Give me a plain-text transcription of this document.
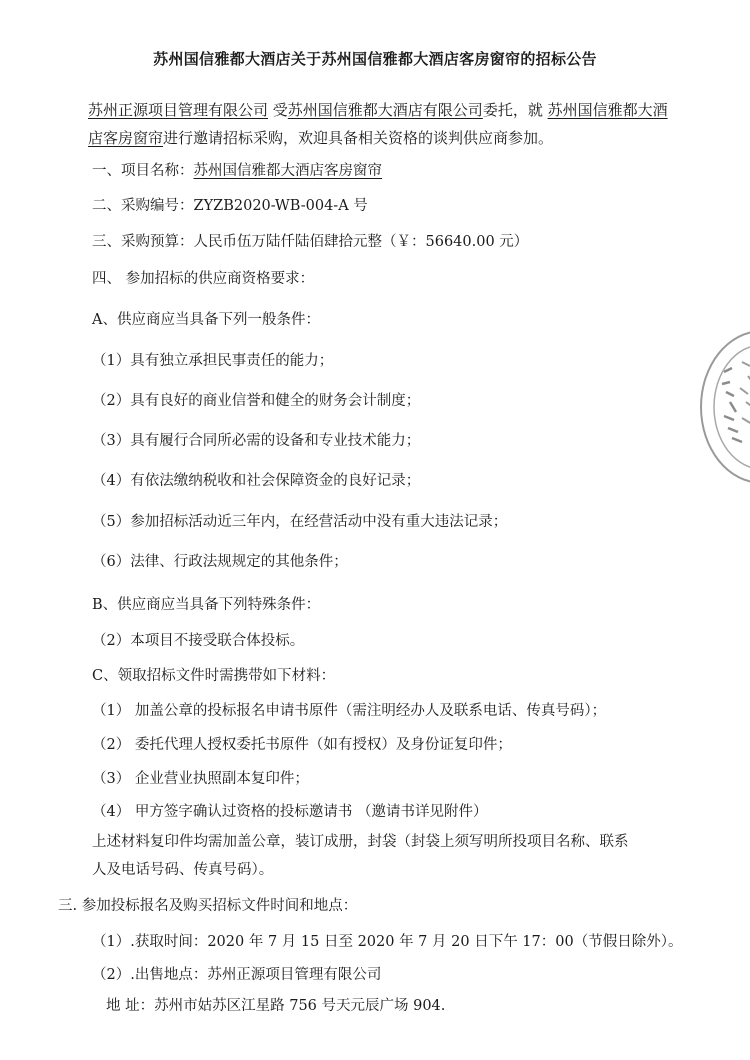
苏州国信雅都大酒店关于苏州国信雅都大酒店客房窗帘的招标公告
苏州正源项目管理有限公司 受苏州国信雅都大酒店有限公司委托，就 苏州国信雅都大酒店客房窗帘进行邀请招标采购，欢迎具备相关资格的谈判供应商参加。
一、项目名称：苏州国信雅都大酒店客房窗帘
二、采购编号：ZYZB2020-WB-004-A 号
三、采购预算：人民币伍万陆仟陆佰肆拾元整（￥：56640.00 元）
四、 参加招标的供应商资格要求：
A、供应商应当具备下列一般条件：
（1）具有独立承担民事责任的能力；
（2）具有良好的商业信誉和健全的财务会计制度；
（3）具有履行合同所必需的设备和专业技术能力；
（4）有依法缴纳税收和社会保障资金的良好记录；
（5）参加招标活动近三年内，在经营活动中没有重大违法记录；
（6）法律、行政法规规定的其他条件；
B、供应商应当具备下列特殊条件：
（2）本项目不接受联合体投标。
C、领取招标文件时需携带如下材料：
（1） 加盖公章的投标报名申请书原件（需注明经办人及联系电话、传真号码）；
（2） 委托代理人授权委托书原件（如有授权）及身份证复印件；
（3） 企业营业执照副本复印件；
（4） 甲方签字确认过资格的投标邀请书 （邀请书详见附件）
上述材料复印件均需加盖公章，装订成册，封袋（封袋上须写明所投项目名称、联系
人及电话号码、传真号码）。
三. 参加投标报名及购买招标文件时间和地点：
（1）.获取时间：2020 年 7 月 15 日至 2020 年 7 月 20 日下午 17：00（节假日除外）。
（2）.出售地点：苏州正源项目管理有限公司
地 址：苏州市姑苏区江星路 756 号天元辰广场 904.
